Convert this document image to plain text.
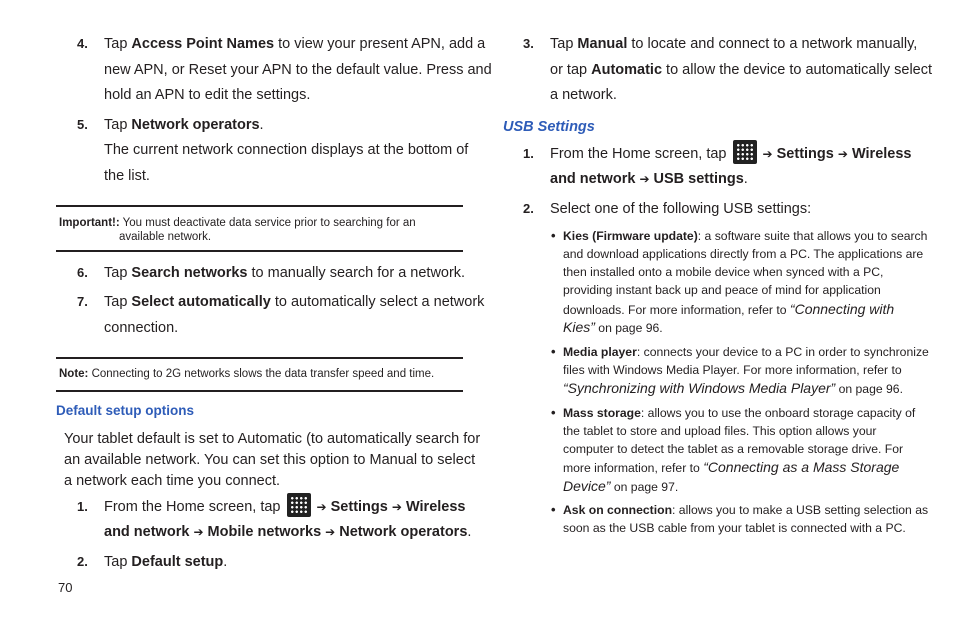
4. Tap Access Point Names to view your present APN, add a
new APN, or Reset your APN to the default value. Press and
hold an APN to edit the settings.
5. Tap Network operators.
The current network connection displays at the bottom of
the list.
Important!: You must deactivate data service prior to searching for an
available network.
6. Tap Search networks to manually search for a network.
7. Tap Select automatically to automatically select a network
connection.
Note: Connecting to 2G networks slows the data transfer speed and time.
Default setup options
Your tablet default is set to Automatic (to automatically search for
an available network. You can set this option to Manual to select
a network each time you connect.
1. From the Home screen, tap	➔ Settings ➔ Wireless
and network ➔ Mobile networks ➔ Network operators.
2. Tap Default setup.
70
3. Tap Manual to locate and connect to a network manually,
or tap Automatic to allow the device to automatically select
a network.
USB Settings
1. From the Home screen, tap	➔ Settings ➔ Wireless
and network ➔ USB settings.
2. Select one of the following USB settings:
• Kies (Firmware update): a software suite that allows you to search
and download applications directly from a PC. The applications are
then installed onto a mobile device when synced with a PC,
providing instant back up and peace of mind for application
downloads. For more information, refer to “Connecting with
Kies” on page 96.
• Media player: connects your device to a PC in order to synchronize
files with Windows Media Player. For more information, refer to
“Synchronizing with Windows Media Player” on page 96.
• Mass storage: allows you to use the onboard storage capacity of
the tablet to store and upload files. This option allows your
computer to detect the tablet as a removable storage drive. For
more information, refer to “Connecting as a Mass Storage
Device” on page 97.
• Ask on connection: allows you to make a USB setting selection as
soon as the USB cable from your tablet is connected with a PC.
